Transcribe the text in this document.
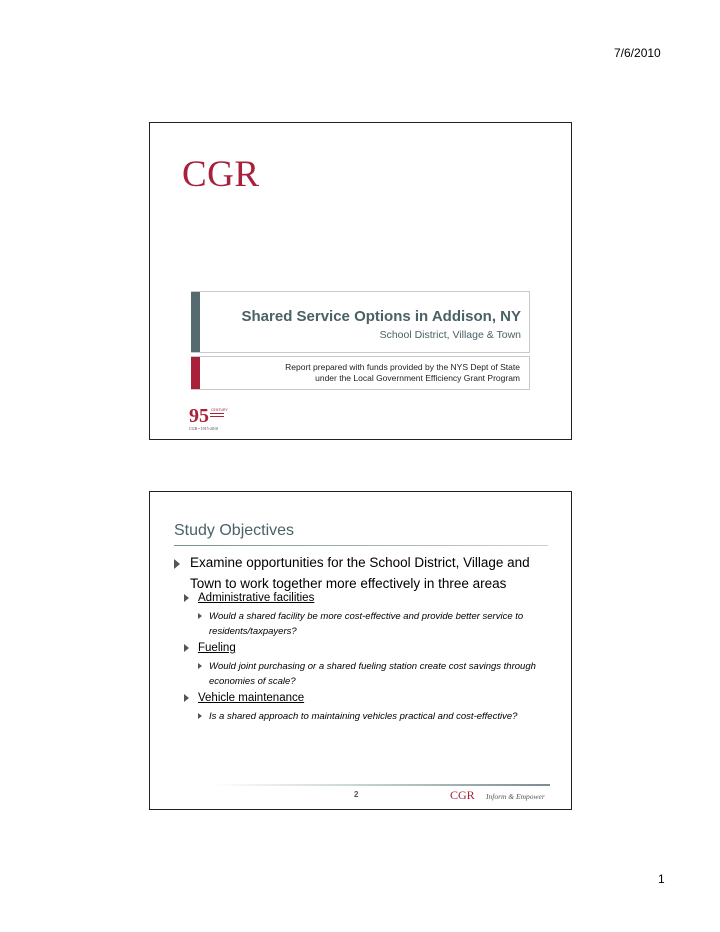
7/6/2010
CGR
Shared Service Options in Addison, NY
School District, Village & Town
Report prepared with funds provided by the NYS Dept of State
under the Local Government Efficiency Grant Program
95 CENTURY
CGR • 1915-2010
Study Objectives
Examine opportunities for the School District, Village and Town to work together more effectively in three areas
Administrative facilities
Would a shared facility be more cost-effective and provide better service to residents/taxpayers?
Fueling
Would joint purchasing or a shared fueling station create cost savings through economies of scale?
Vehicle maintenance
Is a shared approach to maintaining vehicles practical and cost-effective?
2	CGR Inform & Empower
1
